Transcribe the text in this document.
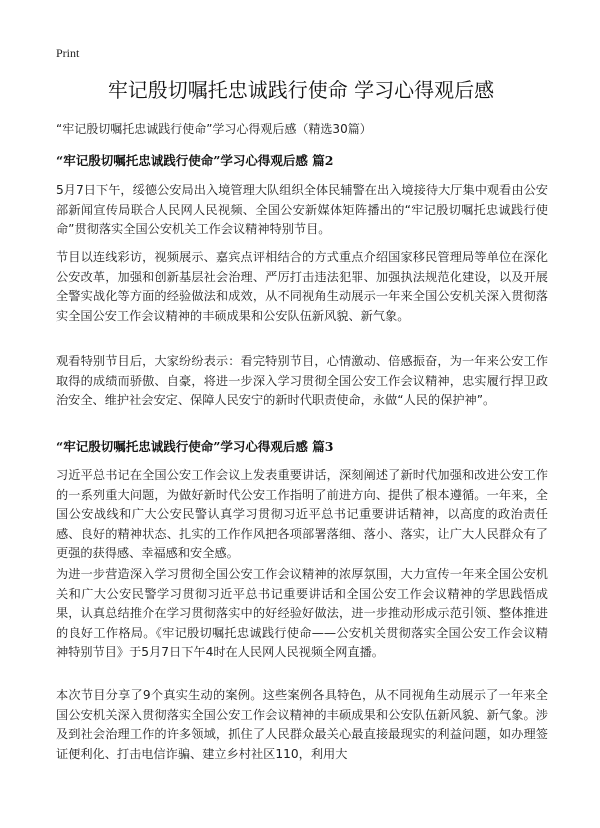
Print
牢记殷切嘱托忠诚践行使命 学习心得观后感
“牢记殷切嘱托忠诚践行使命”学习心得观后感（精选30篇）
“牢记殷切嘱托忠诚践行使命”学习心得观后感 篇2
5月7日下午，绥德公安局出入境管理大队组织全体民辅警在出入境接待大厅集中观看由公安部新闻宣传局联合人民网人民视频、全国公安新媒体矩阵播出的“牢记殷切嘱托忠诚践行使命”贯彻落实全国公安机关工作会议精神特别节目。
节目以连线彩访，视频展示、嘉宾点评相结合的方式重点介绍国家移民管理局等单位在深化公安改革，加强和创新基层社会治理、严厉打击违法犯罪、加强执法规范化建设，以及开展全警实战化等方面的经验做法和成效，从不同视角生动展示一年来全国公安机关深入贯彻落实全国公安工作会议精神的丰硕成果和公安队伍新风貌、新气象。
观看特别节目后，大家纷纷表示：看完特别节目，心情激动、倍感振奋，为一年来公安工作取得的成绩而骄傲、自豪，将进一步深入学习贯彻全国公安工作会议精神，忠实履行捍卫政治安全、维护社会安定、保障人民安宁的新时代职责使命，永做“人民的保护神”。
“牢记殷切嘱托忠诚践行使命”学习心得观后感 篇3
习近平总书记在全国公安工作会议上发表重要讲话，深刻阐述了新时代加强和改进公安工作的一系列重大问题，为做好新时代公安工作指明了前进方向、提供了根本遵循。一年来，全国公安战线和广大公安民警认真学习贯彻习近平总书记重要讲话精神，以高度的政治责任感、良好的精神状态、扎实的工作作风把各项部署落细、落小、落实，让广大人民群众有了更强的获得感、幸福感和安全感。
为进一步营造深入学习贯彻全国公安工作会议精神的浓厚氛围，大力宣传一年来全国公安机关和广大公安民警学习贯彻习近平总书记重要讲话和全国公安工作会议精神的学思践悟成果，认真总结推介在学习贯彻落实中的好经验好做法，进一步推动形成示范引领、整体推进的良好工作格局。《牢记殷切嘱托忠诚践行使命——公安机关贯彻落实全国公安工作会议精神特别节目》于5月7日下午4时在人民网人民视频全网直播。
本次节目分享了9个真实生动的案例。这些案例各具特色，从不同视角生动展示了一年来全国公安机关深入贯彻落实全国公安工作会议精神的丰硕成果和公安队伍新风貌、新气象。涉及到社会治理工作的许多领域，抓住了人民群众最关心最直接最现实的利益问题，如办理签证便利化、打击电信诈骗、建立乡村社区110，利用大
